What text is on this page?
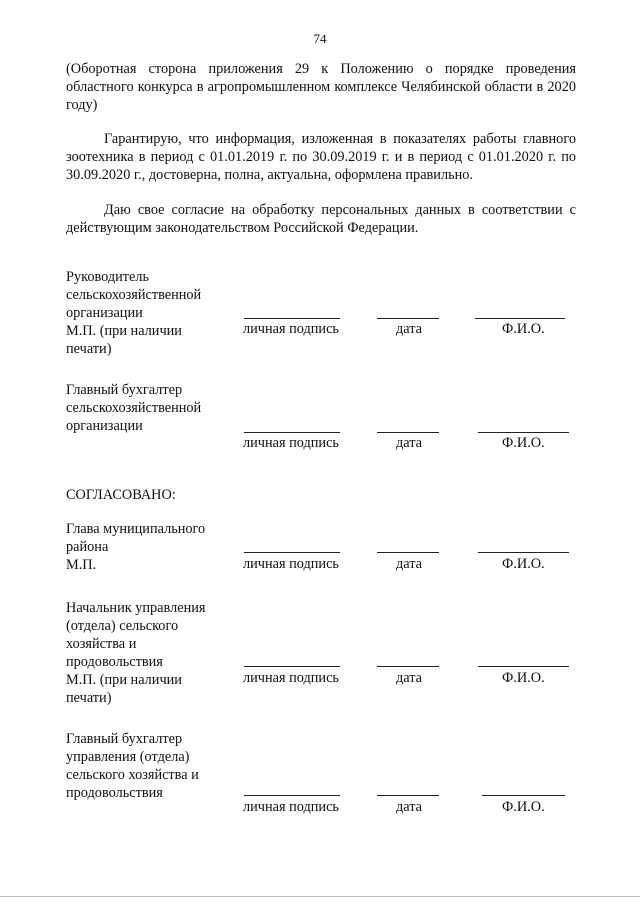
74
(Оборотная сторона приложения 29 к Положению о порядке проведения областного конкурса в агропромышленном комплексе Челябинской области в 2020 году)
Гарантирую, что информация, изложенная в показателях работы главного зоотехника в период с 01.01.2019 г. по 30.09.2019 г. и в период с 01.01.2020 г. по 30.09.2020 г., достоверна, полна, актуальна, оформлена правильно.
Даю свое согласие на обработку персональных данных в соответствии с действующим законодательством Российской Федерации.
Руководитель
сельскохозяйственной
организации
М.П. (при наличии
печати)
личная подпись	дата	Ф.И.О.
Главный бухгалтер
сельскохозяйственной
организации
личная подпись	дата	Ф.И.О.
СОГЛАСОВАНО:
Глава муниципального
района
М.П.	личная подпись	дата	Ф.И.О.
Начальник управления
(отдела) сельского
хозяйства и
продовольствия
М.П. (при наличии
печати)
личная подпись	дата	Ф.И.О.
Главный бухгалтер
управления (отдела)
сельского хозяйства и
продовольствия
личная подпись	дата	Ф.И.О.
